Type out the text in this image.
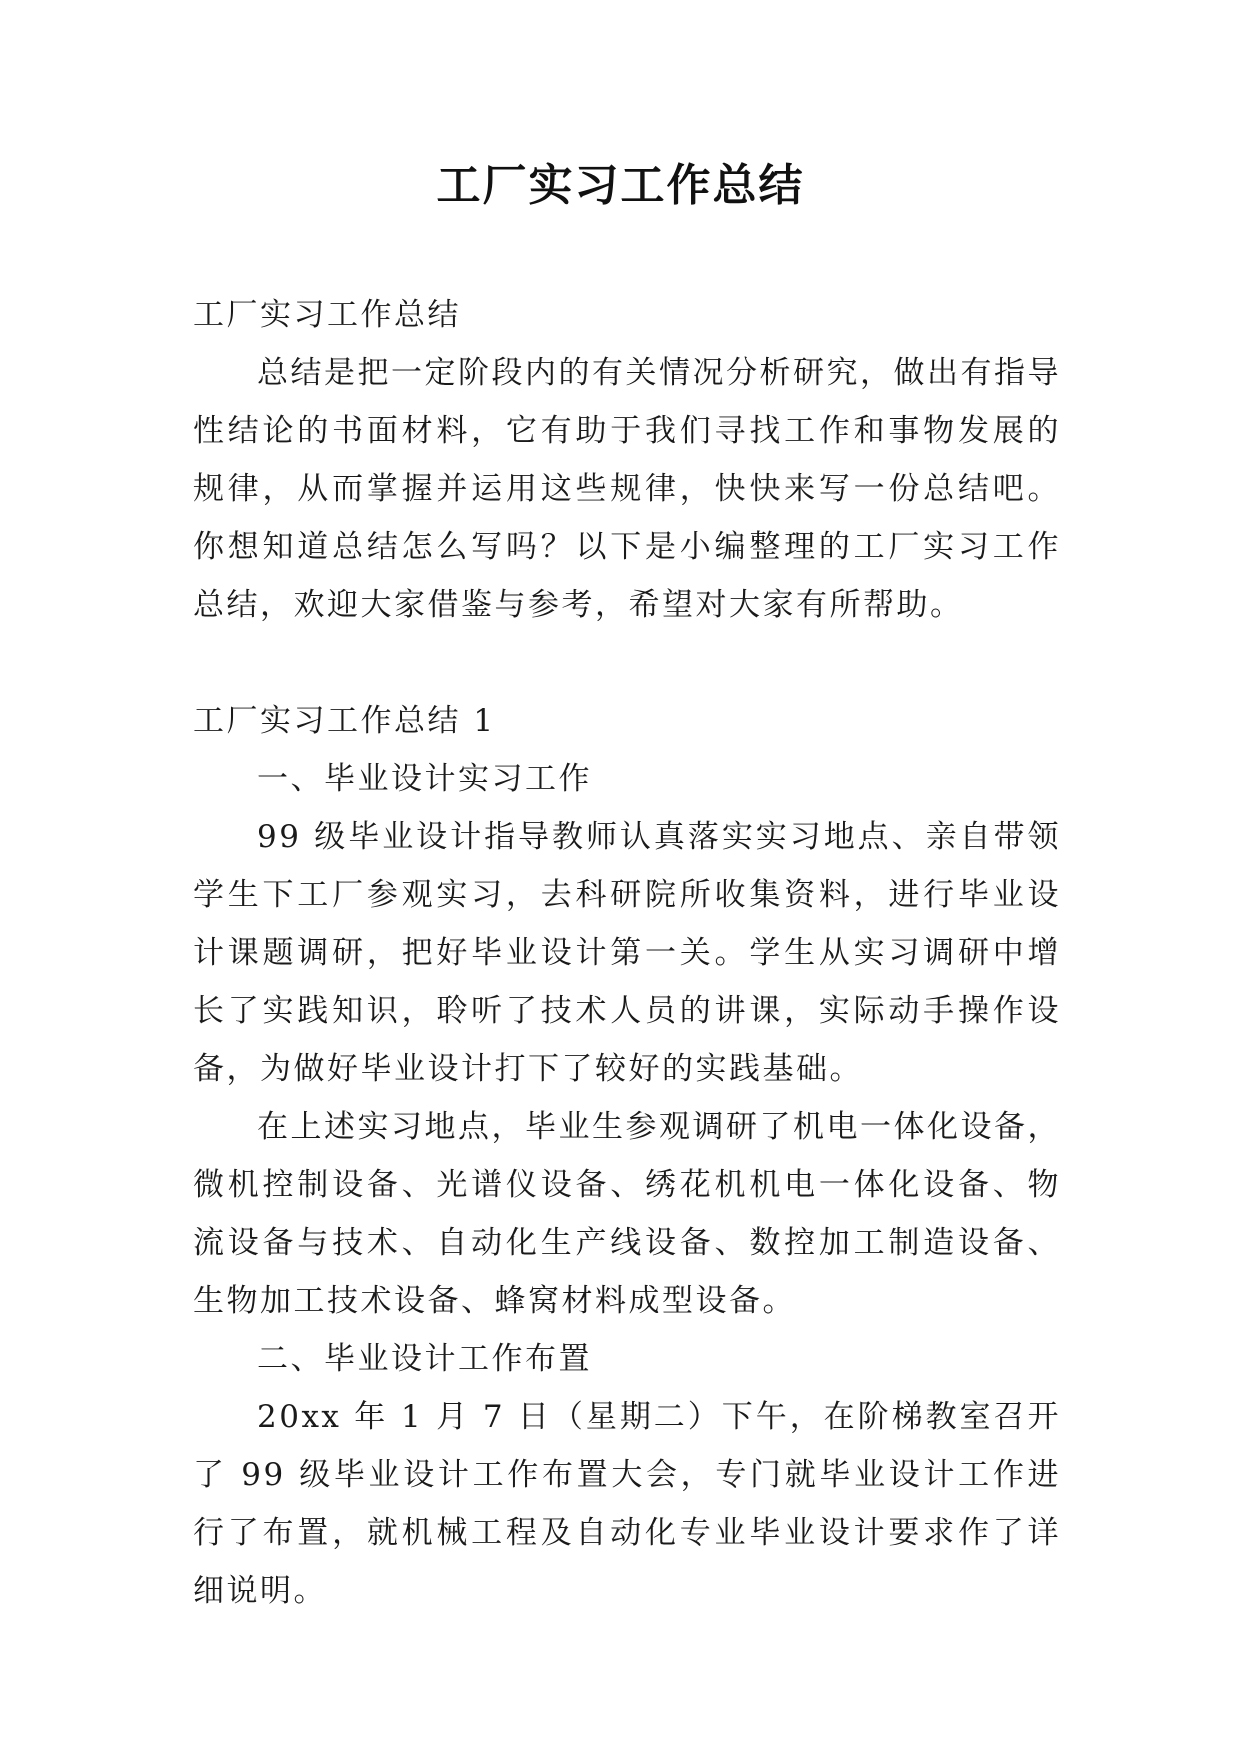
工厂实习工作总结

工厂实习工作总结

总结是把一定阶段内的有关情况分析研究，做出有指导性结论的书面材料，它有助于我们寻找工作和事物发展的规律，从而掌握并运用这些规律，快快来写一份总结吧。你想知道总结怎么写吗？以下是小编整理的工厂实习工作总结，欢迎大家借鉴与参考，希望对大家有所帮助。

工厂实习工作总结 1

一、毕业设计实习工作

99 级毕业设计指导教师认真落实实习地点、亲自带领学生下工厂参观实习，去科研院所收集资料，进行毕业设计课题调研，把好毕业设计第一关。学生从实习调研中增长了实践知识，聆听了技术人员的讲课，实际动手操作设备，为做好毕业设计打下了较好的实践基础。

在上述实习地点，毕业生参观调研了机电一体化设备，微机控制设备、光谱仪设备、绣花机机电一体化设备、物流设备与技术、自动化生产线设备、数控加工制造设备、生物加工技术设备、蜂窝材料成型设备。

二、毕业设计工作布置

20xx 年 1 月 7 日（星期二）下午，在阶梯教室召开了 99 级毕业设计工作布置大会，专门就毕业设计工作进行了布置，就机械工程及自动化专业毕业设计要求作了详细说明。
